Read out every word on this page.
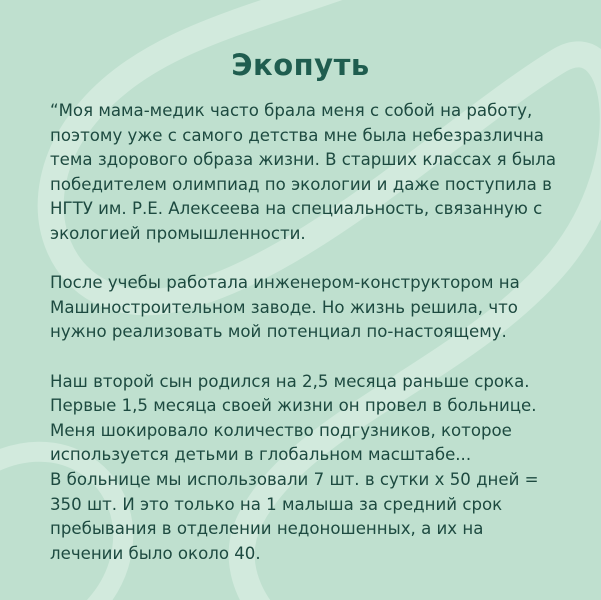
Экопуть
“Моя мама-медик часто брала меня с собой на работу,
поэтому уже с самого детства мне была небезразлична
тема здорового образа жизни. В старших классах я была
победителем олимпиад по экологии и даже поступила в
НГТУ им. Р.Е. Алексеева на специальность, связанную с
экологией промышленности.
После учебы работала инженером-конструктором на
Машиностроительном заводе. Но жизнь решила, что
нужно реализовать мой потенциал по-настоящему.
Наш второй сын родился на 2,5 месяца раньше срока.
Первые 1,5 месяца своей жизни он провел в больнице.
Меня шокировало количество подгузников, которое
используется детьми в глобальном масштабе...
В больнице мы использовали 7 шт. в сутки х 50 дней =
350 шт. И это только на 1 малыша за средний срок
пребывания в отделении недоношенных, а их на
лечении было около 40.
